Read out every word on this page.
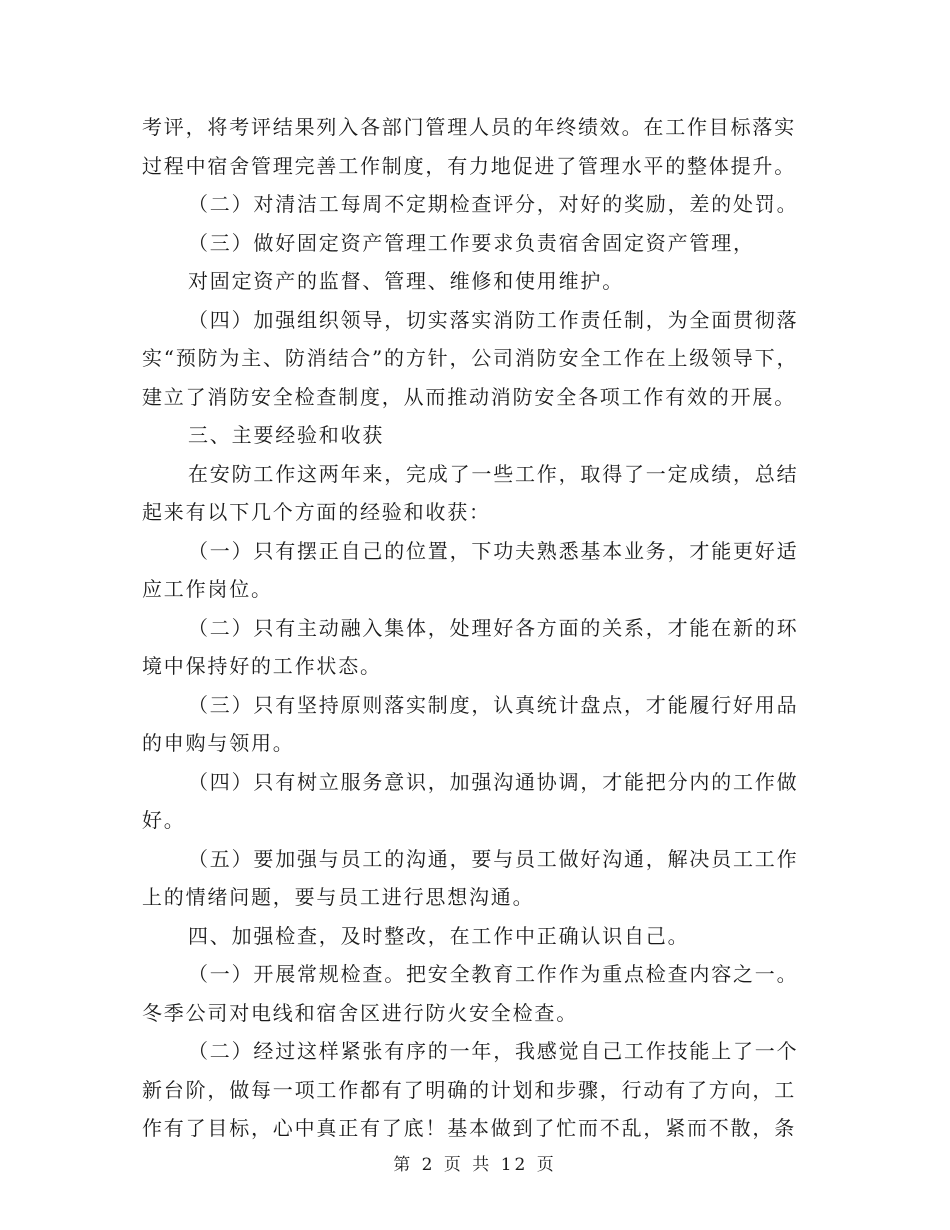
考评，将考评结果列入各部门管理人员的年终绩效。在工作目标落实
过程中宿舍管理完善工作制度，有力地促进了管理水平的整体提升。
（二）对清洁工每周不定期检查评分，对好的奖励，差的处罚。
（三）做好固定资产管理工作要求负责宿舍固定资产管理，
对固定资产的监督、管理、维修和使用维护。
（四）加强组织领导，切实落实消防工作责任制，为全面贯彻落
实“预防为主、防消结合”的方针，公司消防安全工作在上级领导下，
建立了消防安全检查制度，从而推动消防安全各项工作有效的开展。
三、主要经验和收获
在安防工作这两年来，完成了一些工作，取得了一定成绩，总结
起来有以下几个方面的经验和收获：
（一）只有摆正自己的位置，下功夫熟悉基本业务，才能更好适
应工作岗位。
（二）只有主动融入集体，处理好各方面的关系，才能在新的环
境中保持好的工作状态。
（三）只有坚持原则落实制度，认真统计盘点，才能履行好用品
的申购与领用。
（四）只有树立服务意识，加强沟通协调，才能把分内的工作做
好。
（五）要加强与员工的沟通，要与员工做好沟通，解决员工工作
上的情绪问题，要与员工进行思想沟通。
四、加强检查，及时整改，在工作中正确认识自己。
（一）开展常规检查。把安全教育工作作为重点检查内容之一。
冬季公司对电线和宿舍区进行防火安全检查。
（二）经过这样紧张有序的一年，我感觉自己工作技能上了一个
新台阶，做每一项工作都有了明确的计划和步骤，行动有了方向，工
作有了目标，心中真正有了底！基本做到了忙而不乱，紧而不散，条
第 2 页 共 12 页
